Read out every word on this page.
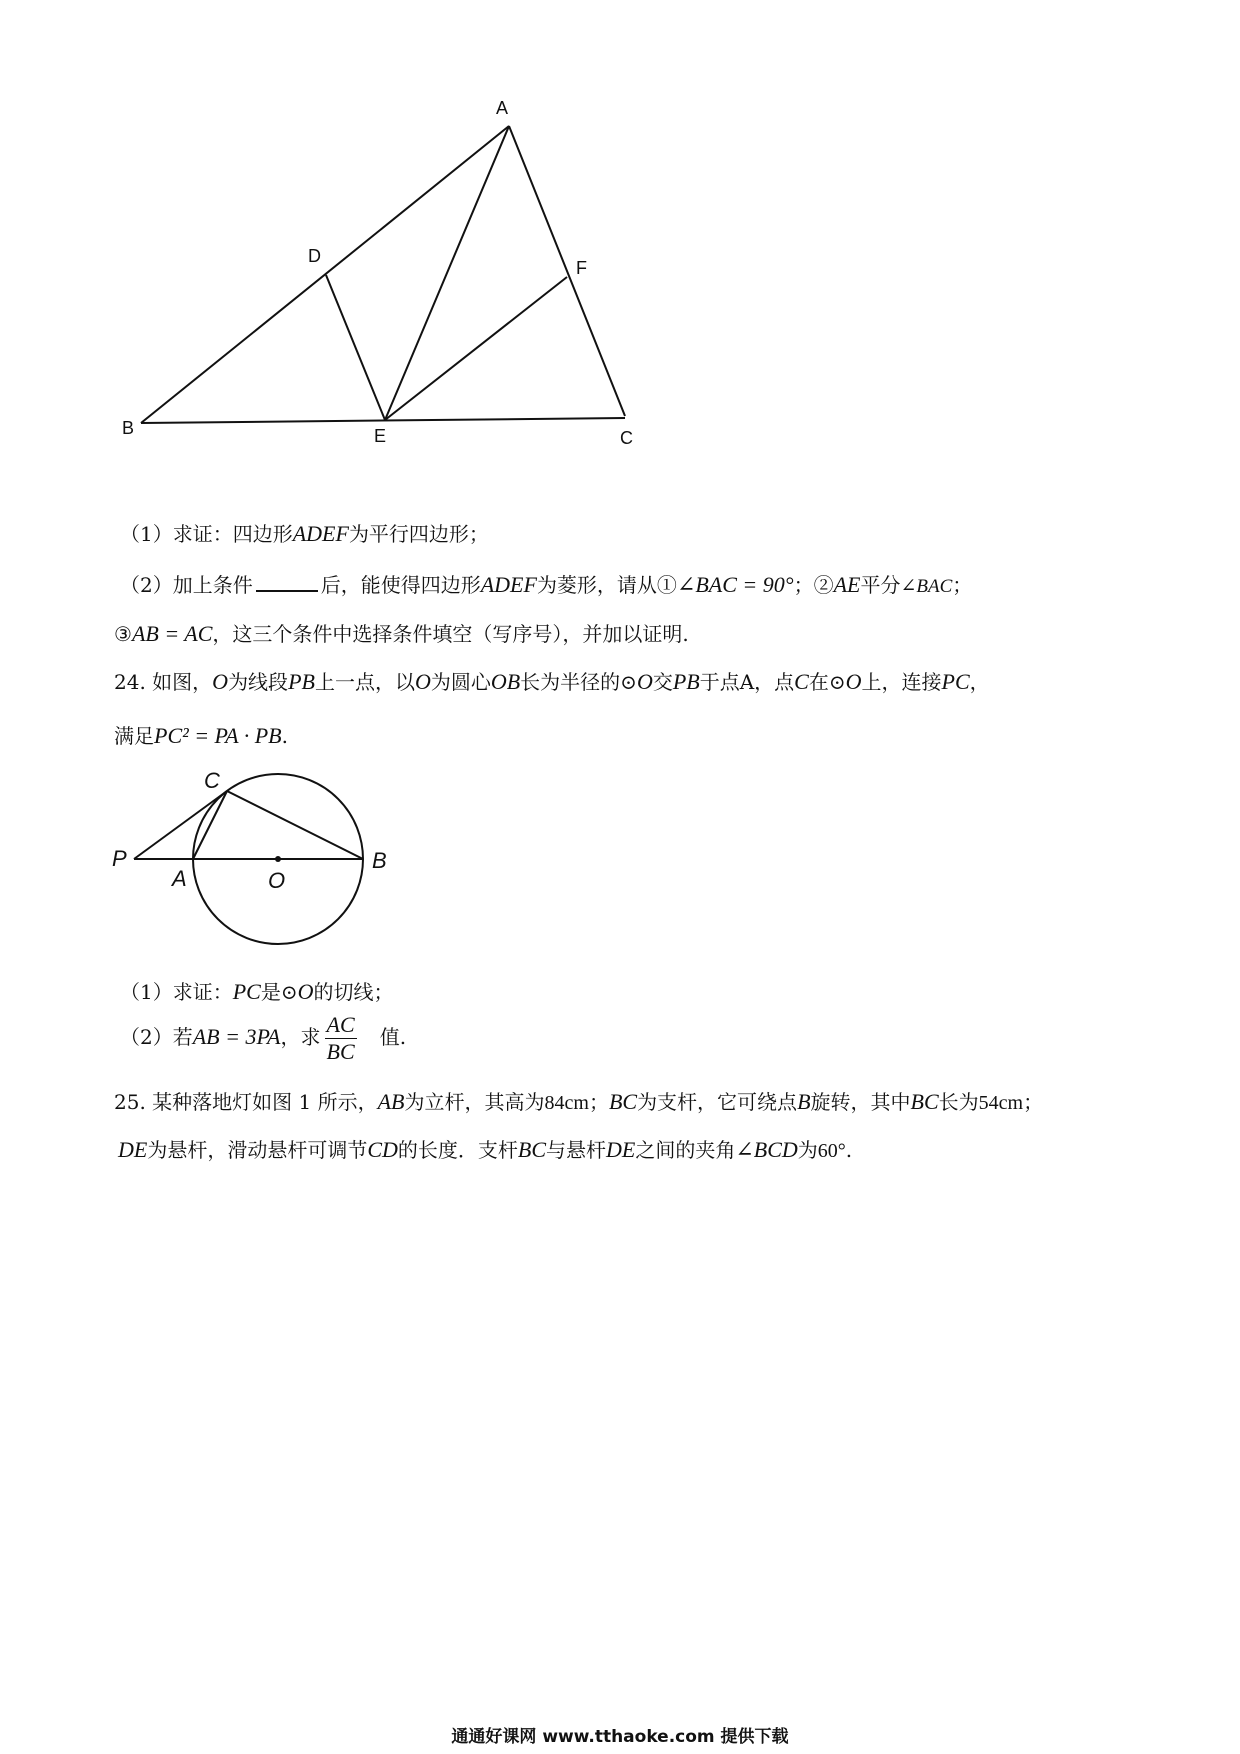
A
B	C
D
E
F
（1）求证：四边形ADEF为平行四边形；
（2）加上条件	后，能使得四边形ADEF为菱形，请从①∠BAC = 90°；②AE平分∠BAC；
③AB = AC，这三个条件中选择条件填空（写序号），并加以证明.
24. 如图，O为线段PB上一点，以O为圆心OB长为半径的⊙O交PB于点A，点C在⊙O上，连接PC，
满足PC² = PA · PB.
P
A	O
B
C
（1）求证：PC是⊙O的切线；
（2）若AB = 3PA，求 $\frac{AC}{BC}$ 值.
25. 某种落地灯如图 1 所示，AB为立杆，其高为84cm；BC为支杆，它可绕点B旋转，其中BC长为54cm；
DE为悬杆，滑动悬杆可调节CD的长度．支杆BC与悬杆DE之间的夹角∠BCD为60°.
通通好课网 www.tthaoke.com 提供下载
